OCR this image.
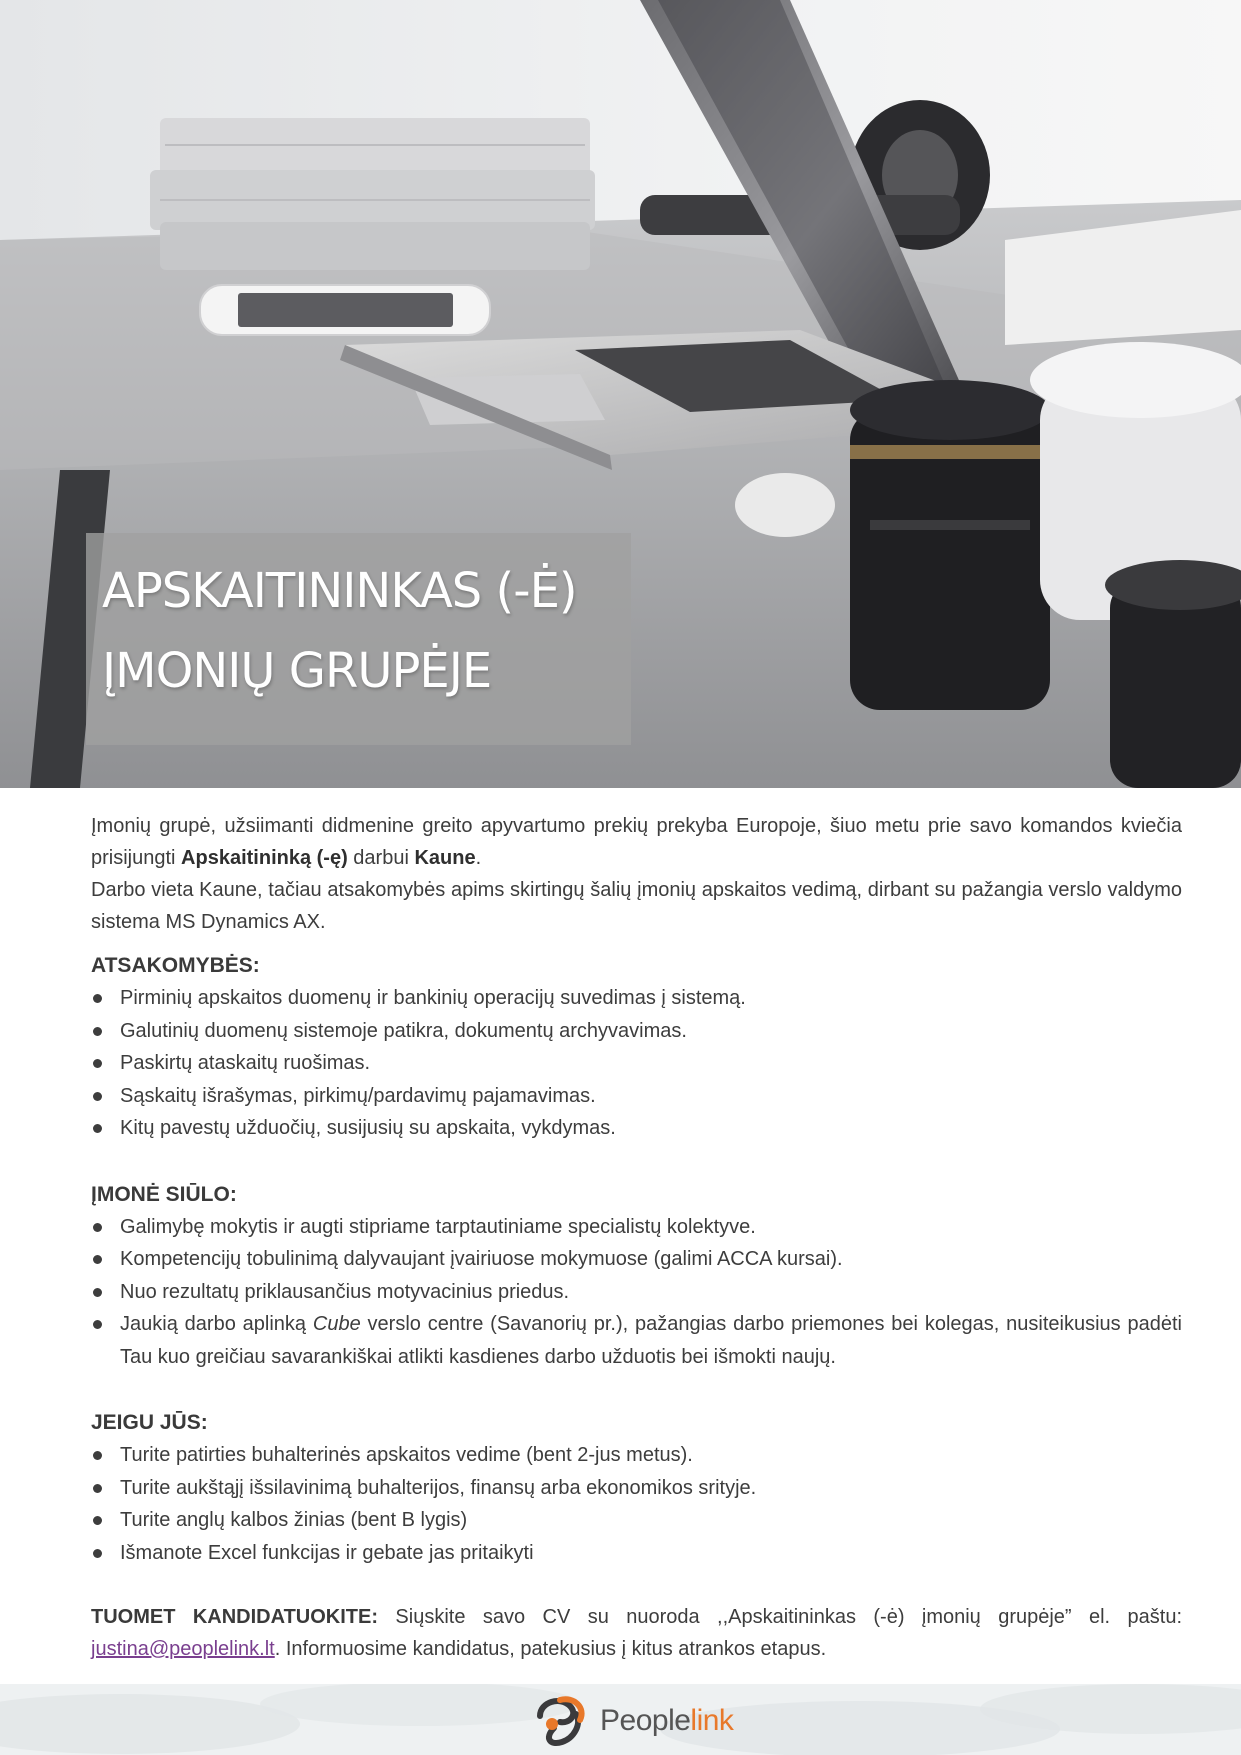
APSKAITININKAS (-Ė)
ĮMONIŲ GRUPĖJE

Įmonių grupė, užsiimanti didmenine greito apyvartumo prekių prekyba Europoje, šiuo metu prie savo komandos kviečia prisijungti Apskaitininką (-ę) darbui Kaune.

Darbo vieta Kaune, tačiau atsakomybės apims skirtingų šalių įmonių apskaitos vedimą, dirbant su pažangia verslo valdymo sistema MS Dynamics AX.

ATSAKOMYBĖS:

Pirminių apskaitos duomenų ir bankinių operacijų suvedimas į sistemą.
Galutinių duomenų sistemoje patikra, dokumentų archyvavimas.
Paskirtų ataskaitų ruošimas.
Sąskaitų išrašymas, pirkimų/pardavimų pajamavimas.
Kitų pavestų užduočių, susijusių su apskaita, vykdymas.

ĮMONĖ SIŪLO:

Galimybę mokytis ir augti stipriame tarptautiniame specialistų kolektyve.
Kompetencijų tobulinimą dalyvaujant įvairiuose mokymuose (galimi ACCA kursai).
Nuo rezultatų priklausančius motyvacinius priedus.
Jaukią darbo aplinką Cube verslo centre (Savanorių pr.), pažangias darbo priemones bei kolegas, nusiteikusius padėti Tau kuo greičiau savarankiškai atlikti kasdienes darbo užduotis bei išmokti naujų.

JEIGU JŪS:

Turite patirties buhalterinės apskaitos vedime (bent 2-jus metus).
Turite aukštąjį išsilavinimą buhalterijos, finansų arba ekonomikos srityje.
Turite anglų kalbos žinias (bent B lygis)
Išmanote Excel funkcijas ir gebate jas pritaikyti

TUOMET KANDIDATUOKITE: Siųskite savo CV su nuoroda ,,Apskaitininkas (-ė) įmonių grupėje” el. paštu: justina@peoplelink.lt. Informuosime kandidatus, patekusius į kitus atrankos etapus.

Peoplelink
